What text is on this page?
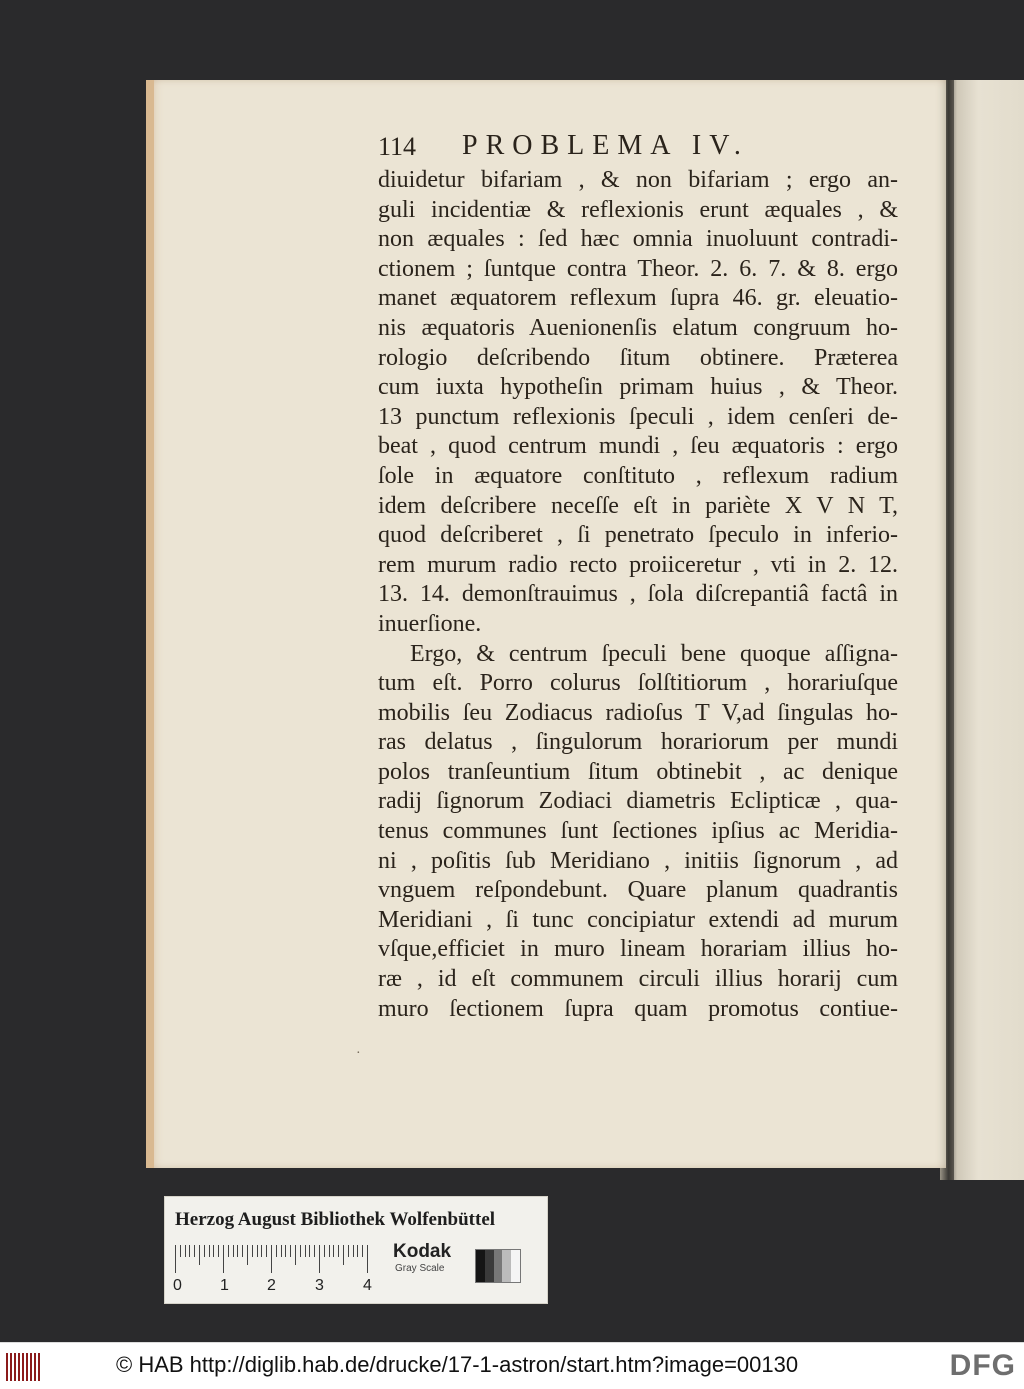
114 PROBLEMA IV.
diuidetur bifariam , & non bifariam ; ergo an-
guli incidentiæ & reflexionis erunt æquales , &
non æquales : ſed hæc omnia inuoluunt contradi-
ctionem ; ſuntque contra Theor. 2. 6. 7. & 8. ergo
manet æquatorem reflexum ſupra 46. gr. eleuatio-
nis æquatoris Auenionenſis elatum congruum ho-
rologio deſcribendo ſitum obtinere. Præterea
cum iuxta hypotheſin primam huius , & Theor.
13 punctum reflexionis ſpeculi , idem cenſeri de-
beat , quod centrum mundi , ſeu æquatoris : ergo
ſole in æquatore conſtituto , reflexum radium
idem deſcribere neceſſe eſt in pariète X V N T,
quod deſcriberet , ſi penetrato ſpeculo in inferio-
rem murum radio recto proiiceretur , vti in 2. 12.
13. 14. demonſtrauimus , ſola diſcrepantiâ factâ in
inuerſione.
Ergo, & centrum ſpeculi bene quoque aſſigna-
tum eſt. Porro colurus ſolſtitiorum , horariuſque
mobilis ſeu Zodiacus radioſus T V,ad ſingulas ho-
ras delatus , ſingulorum horariorum per mundi
polos tranſeuntium ſitum obtinebit , ac denique
radij ſignorum Zodiaci diametris Eclipticæ , qua-
tenus communes ſunt ſectiones ipſius ac Meridia-
ni , poſitis ſub Meridiano , initiis ſignorum , ad
vnguem reſpondebunt. Quare planum quadrantis
Meridiani , ſi tunc concipiatur extendi ad murum
vſque,efficiet in muro lineam horariam illius ho-
ræ , id eſt communem circuli illius horarij cum
muro ſectionem ſupra quam promotus contiue-
·
Herzog August Bibliothek Wolfenbüttel
0 1 2 3 4
Kodak
Gray Scale
© HAB http://diglib.hab.de/drucke/17-1-astron/start.htm?image=00130	DFG
